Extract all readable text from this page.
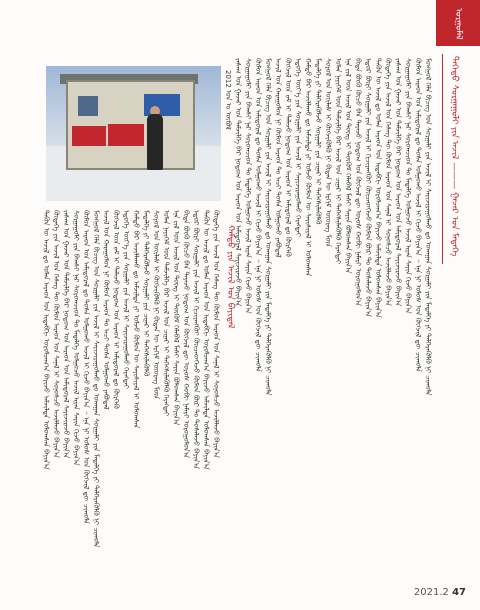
ᠤᠷᠭᠤᠮᠠᠯ
ᠳᠡᠭᠡᠳᠦ ᠰᠤᠷᠭᠠᠭᠤᠯᠢ ᠶᠢᠨ ᠠᠵᠢᠯ ——— ᠭᠠᠵᠠᠷ ᠤᠨ ᠮᠡᠳᠡᠭᠡ
ᠮᠣᠩᠭᠣᠯ ᠬᠡᠯᠡ ᠪᠢᠴᠢᠭ ᠤᠨ ᠰᠤᠷᠭᠠᠯᠢ ᠶᠢᠨ ᠠᠵᠢᠯ ᠢ ᠰᠠᠶᠢᠵᠢᠷᠠᠭᠤᠯᠬᠤ ᠳᠤ ᠤᠬᠠᠭᠠᠨ ᠰᠤᠷᠭᠠᠯᠢ ᠶᠢᠨ ᠮᠡᠳᠡᠯᠭᠡ ᠶᠢ ᠳᠡᠯᠭᠡᠷᠡᠭᠦᠯᠬᠦ ᠨᠢ ᠴᠢᠬᠤᠯᠠ
ᠬᠦᠮᠦᠨ ᠠᠷᠠᠳ ᠤᠨ ᠠᠮᠢᠳᠤᠷᠠᠯ ᠳᠤ ᠲᠤᠰᠠ ᠣᠯᠭᠤᠬᠤ ᠠᠵᠢᠯ ᠢ ᠬᠢᠵᠦ ᠪᠠᠶᠢᠨ᠎ᠠ ᠃ ᠡᠨᠡ ᠨᠢ ᠤᠯᠤᠰ ᠤᠨ ᠬᠦᠭᠵᠢᠯ ᠳᠦ ᠴᠢᠬᠤᠯᠠ
ᠰᠤᠷᠭᠠᠭᠤᠯᠢ ᠶᠢᠨ ᠪᠠᠭᠰᠢ ᠨᠠᠷ ᠰᠤᠷᠤᠭᠴᠢᠳ ᠲᠤ ᠮᠡᠳᠡᠯᠭᠡ ᠣᠯᠭᠤᠵᠤ ᠠᠵᠢᠯ ᠢᠶᠠᠨ ᠰᠠᠶᠢᠨ ᠬᠢᠵᠦ ᠪᠠᠶᠢᠨ᠎ᠠ
ᠵᠠᠰᠠᠭ ᠤᠨ ᠭᠠᠵᠠᠷ ᠤᠨ ᠳᠡᠮᠵᠢᠯᠭᠡ ᠪᠡᠷ ᠨᠤᠲᠤᠭ ᠤᠨ ᠠᠷᠠᠳ ᠤᠨ ᠠᠮᠢᠳᠤᠷᠠᠯ ᠰᠠᠶᠢᠵᠢᠷᠠᠵᠤ ᠪᠠᠶᠢᠨ᠎ᠠ
ᠬᠦᠳᠡᠭᠡ ᠶᠢᠨ ᠠᠵᠢᠯ ᠤᠨ ᠬᠡᠰᠡᠭ ᠲᠦ ᠬᠦᠮᠦᠨ ᠠᠷᠠᠳ ᠤᠨ ᠰᠠᠨᠠᠯ ᠢ ᠰᠣᠨᠣᠰᠴᠤ ᠠᠵᠢᠯᠯᠠᠵᠤ ᠪᠠᠶᠢᠨ᠎ᠠ
ᠲᠡᠭᠦᠨ ᠦ ᠠᠵᠢᠯ ᠳᠤ ᠣᠯᠠᠨ ᠠᠷᠠᠳ ᠤᠨ ᠢᠳᠡᠪᠬᠢ ᠣᠷᠤᠯᠴᠠᠭ᠎ᠠ ᠪᠠᠶᠢᠵᠤ ᠠᠮᠵᠢᠯᠲᠠ ᠣᠯᠤᠭᠰᠠᠨ ᠪᠠᠶᠢᠨ᠎ᠠ
ᠡᠳᠦᠷ ᠪᠦᠷᠢ ᠰᠤᠷᠭᠠᠯᠢ ᠶᠢᠨ ᠠᠵᠢᠯ ᠢ ᠬᠢᠴᠢᠶᠡᠩᠭᠦᠢ ᠭᠦᠢᠴᠡᠳᠭᠡᠵᠦ ᠬᠦᠮᠦᠨ ᠪᠦᠷ ᠲᠤ ᠲᠤᠰᠠᠯᠠᠵᠤ ᠪᠠᠶᠢᠨ᠎ᠠ
ᠪᠢᠳᠡ ᠪᠦᠬᠦ ᠬᠦᠴᠦ ᠪᠡᠨ ᠳᠠᠶᠠᠵᠤ ᠨᠤᠲᠤᠭ ᠤᠨ ᠬᠦᠭᠵᠢᠯ ᠳᠦ ᠤᠷᠤᠰ ᠬᠤᠪᠢ ᠨᠡᠮᠡᠷᠢ ᠣᠷᠤᠭᠤᠯᠤᠨ᠎ᠠ
ᠡᠨᠡ ᠵᠢᠯ ᠦᠨ ᠠᠵᠢᠯ ᠤᠨ ᠳᠦᠩ ᠢ ᠳᠦᠭᠦᠮ ᠬᠡᠯᠡᠪᠡᠯ ᠮᠠᠰᠢ ᠰᠠᠶᠢᠨ ᠪᠣᠯᠤᠭᠰᠠᠨ ᠪᠠᠶᠢᠨ᠎ᠠ
ᠣᠯᠠᠨ ᠨᠡᠶᠢᠭᠡᠮ ᠦᠨ ᠳᠡᠮᠵᠢᠯᠭᠡ ᠪᠡᠷ ᠠᠵᠢᠯ ᠤᠨ ᠴᠢᠨᠠᠷ ᠢ ᠳᠡᠭᠡᠭᠰᠢᠯᠡᠭᠦᠯᠬᠦ ᠬᠡᠷᠡᠭᠲᠡᠢ
ᠰᠣᠶᠣᠯ ᠤᠨ ᠦᠢᠯᠡᠰ ᠢ ᠬᠥᠭᠵᠢᠭᠦᠯᠬᠦ ᠨᠢ ᠪᠢᠳᠡᠨ ᠦ ᠡᠷᠬᠢᠮ ᠦᠦᠷᠡᠭ ᠮᠥᠨ
ᠮᠡᠳᠡᠯᠭᠡ ᠶᠢ ᠳᠡᠯᠭᠡᠷᠡᠭᠦᠯᠵᠦ ᠰᠤᠷᠭᠠᠯᠢ ᠶᠢᠨ ᠴᠢᠨᠠᠷ ᠢ ᠳᠡᠭᠡᠭᠰᠢᠯᠡᠭᠦᠯᠬᠦ
ᠬᠠᠮᠲᠤ ᠪᠡᠷ ᠠᠵᠢᠯᠯᠠᠬᠤ ᠳᠤ ᠠᠮᠵᠢᠯᠲᠠ ᠶᠢ ᠣᠯᠵᠤ ᠬᠦᠮᠦᠨ ᠦ ᠰᠠᠶᠢᠰᠢᠶᠠᠯ ᠢ ᠣᠯᠤᠭᠰᠠᠨ
ᠡᠳᠦᠭᠡ ᠦᠶ᠎ᠡ ᠶᠢᠨ ᠰᠤᠷᠭᠠᠯᠢ ᠶᠢᠨ ᠠᠵᠢᠯ ᠢ ᠰᠠᠶᠢᠵᠢᠷᠠᠭᠤᠯᠬᠤ ᠬᠡᠷᠡᠭᠲᠡᠢ
ᠬᠥᠭᠵᠢᠯ ᠦᠨ ᠵᠠᠮ ᠢ ᠲᠡᠯᠡᠵᠦ ᠨᠤᠲᠤᠭ ᠤᠨ ᠠᠷᠠᠳ ᠢ ᠠᠮᠢᠳᠤᠷᠠᠯ ᠳᠤ ᠬᠦᠷᠭᠡᠬᠦ
ᠠᠵᠢᠯ ᠤᠨ ᠬᠠᠷᠠᠭᠤᠯᠤᠨ ᠨᠢ ᠬᠦᠮᠦᠨ ᠠᠷᠠᠳ ᠲᠤ ᠠᠴᠢ ᠲᠤᠰᠠ ᠣᠯᠭᠤᠬᠤ ᠶᠠᠪᠤᠳᠠᠯ
ᠮᠣᠩᠭᠣᠯ ᠬᠡᠯᠡ ᠪᠢᠴᠢᠭ ᠤᠨ ᠰᠤᠷᠭᠠᠯᠢ ᠶᠢᠨ ᠠᠵᠢᠯ ᠢ ᠰᠠᠶᠢᠵᠢᠷᠠᠭᠤᠯᠬᠤ ᠳᠤ ᠤᠬᠠᠭᠠᠨ ᠰᠤᠷᠭᠠᠯᠢ ᠶᠢᠨ ᠮᠡᠳᠡᠯᠭᠡ ᠶᠢ ᠳᠡᠯᠭᠡᠷᠡᠭᠦᠯᠬᠦ ᠨᠢ ᠴᠢᠬᠤᠯᠠ
ᠬᠦᠮᠦᠨ ᠠᠷᠠᠳ ᠤᠨ ᠠᠮᠢᠳᠤᠷᠠᠯ ᠳᠤ ᠲᠤᠰᠠ ᠣᠯᠭᠤᠬᠤ ᠠᠵᠢᠯ ᠢ ᠬᠢᠵᠦ ᠪᠠᠶᠢᠨ᠎ᠠ ᠃ ᠡᠨᠡ ᠨᠢ ᠤᠯᠤᠰ ᠤᠨ ᠬᠦᠭᠵᠢᠯ ᠳᠦ ᠴᠢᠬᠤᠯᠠ
ᠰᠤᠷᠭᠠᠭᠤᠯᠢ ᠶᠢᠨ ᠪᠠᠭᠰᠢ ᠨᠠᠷ ᠰᠤᠷᠤᠭᠴᠢᠳ ᠲᠤ ᠮᠡᠳᠡᠯᠭᠡ ᠣᠯᠭᠤᠵᠤ ᠠᠵᠢᠯ ᠢᠶᠠᠨ ᠰᠠᠶᠢᠨ ᠬᠢᠵᠦ ᠪᠠᠶᠢᠨ᠎ᠠ
ᠵᠠᠰᠠᠭ ᠤᠨ ᠭᠠᠵᠠᠷ ᠤᠨ ᠳᠡᠮᠵᠢᠯᠭᠡ ᠪᠡᠷ ᠨᠤᠲᠤᠭ ᠤᠨ ᠠᠷᠠᠳ ᠤᠨ ᠠᠮᠢᠳᠤᠷᠠᠯ ᠰᠠᠶᠢᠵᠢᠷᠠᠵᠤ ᠪᠠᠶᠢᠨ᠎ᠠ
ᠬᠠᠮᠲᠤ ᠶᠢᠨ ᠠᠵᠢᠯ ᠤᠨ ᠪᠠᠶᠢᠳᠠᠯ
ᠬᠦᠳᠡᠭᠡ ᠶᠢᠨ ᠠᠵᠢᠯ ᠤᠨ ᠬᠡᠰᠡᠭ ᠲᠦ ᠬᠦᠮᠦᠨ ᠠᠷᠠᠳ ᠤᠨ ᠰᠠᠨᠠᠯ ᠢ ᠰᠣᠨᠣᠰᠴᠤ ᠠᠵᠢᠯᠯᠠᠵᠤ ᠪᠠᠶᠢᠨ᠎ᠠ
ᠲᠡᠭᠦᠨ ᠦ ᠠᠵᠢᠯ ᠳᠤ ᠣᠯᠠᠨ ᠠᠷᠠᠳ ᠤᠨ ᠢᠳᠡᠪᠬᠢ ᠣᠷᠤᠯᠴᠠᠭ᠎ᠠ ᠪᠠᠶᠢᠵᠤ ᠠᠮᠵᠢᠯᠲᠠ ᠣᠯᠤᠭᠰᠠᠨ ᠪᠠᠶᠢᠨ᠎ᠠ
ᠡᠳᠦᠷ ᠪᠦᠷᠢ ᠰᠤᠷᠭᠠᠯᠢ ᠶᠢᠨ ᠠᠵᠢᠯ ᠢ ᠬᠢᠴᠢᠶᠡᠩᠭᠦᠢ ᠭᠦᠢᠴᠡᠳᠭᠡᠵᠦ ᠬᠦᠮᠦᠨ ᠪᠦᠷ ᠲᠤ ᠲᠤᠰᠠᠯᠠᠵᠤ ᠪᠠᠶᠢᠨ᠎ᠠ
ᠪᠢᠳᠡ ᠪᠦᠬᠦ ᠬᠦᠴᠦ ᠪᠡᠨ ᠳᠠᠶᠠᠵᠤ ᠨᠤᠲᠤᠭ ᠤᠨ ᠬᠦᠭᠵᠢᠯ ᠳᠦ ᠤᠷᠤᠰ ᠬᠤᠪᠢ ᠨᠡᠮᠡᠷᠢ ᠣᠷᠤᠭᠤᠯᠤᠨ᠎ᠠ
ᠡᠨᠡ ᠵᠢᠯ ᠦᠨ ᠠᠵᠢᠯ ᠤᠨ ᠳᠦᠩ ᠢ ᠳᠦᠭᠦᠮ ᠬᠡᠯᠡᠪᠡᠯ ᠮᠠᠰᠢ ᠰᠠᠶᠢᠨ ᠪᠣᠯᠤᠭᠰᠠᠨ ᠪᠠᠶᠢᠨ᠎ᠠ
ᠣᠯᠠᠨ ᠨᠡᠶᠢᠭᠡᠮ ᠦᠨ ᠳᠡᠮᠵᠢᠯᠭᠡ ᠪᠡᠷ ᠠᠵᠢᠯ ᠤᠨ ᠴᠢᠨᠠᠷ ᠢ ᠳᠡᠭᠡᠭᠰᠢᠯᠡᠭᠦᠯᠬᠦ ᠬᠡᠷᠡᠭᠲᠡᠢ
ᠰᠣᠶᠣᠯ ᠤᠨ ᠦᠢᠯᠡᠰ ᠢ ᠬᠥᠭᠵᠢᠭᠦᠯᠬᠦ ᠨᠢ ᠪᠢᠳᠡᠨ ᠦ ᠡᠷᠬᠢᠮ ᠦᠦᠷᠡᠭ ᠮᠥᠨ
ᠮᠡᠳᠡᠯᠭᠡ ᠶᠢ ᠳᠡᠯᠭᠡᠷᠡᠭᠦᠯᠵᠦ ᠰᠤᠷᠭᠠᠯᠢ ᠶᠢᠨ ᠴᠢᠨᠠᠷ ᠢ ᠳᠡᠭᠡᠭᠰᠢᠯᠡᠭᠦᠯᠬᠦ
ᠬᠠᠮᠲᠤ ᠪᠡᠷ ᠠᠵᠢᠯᠯᠠᠬᠤ ᠳᠤ ᠠᠮᠵᠢᠯᠲᠠ ᠶᠢ ᠣᠯᠵᠤ ᠬᠦᠮᠦᠨ ᠦ ᠰᠠᠶᠢᠰᠢᠶᠠᠯ ᠢ ᠣᠯᠤᠭᠰᠠᠨ
ᠡᠳᠦᠭᠡ ᠦᠶ᠎ᠡ ᠶᠢᠨ ᠰᠤᠷᠭᠠᠯᠢ ᠶᠢᠨ ᠠᠵᠢᠯ ᠢ ᠰᠠᠶᠢᠵᠢᠷᠠᠭᠤᠯᠬᠤ ᠬᠡᠷᠡᠭᠲᠡᠢ
ᠬᠥᠭᠵᠢᠯ ᠦᠨ ᠵᠠᠮ ᠢ ᠲᠡᠯᠡᠵᠦ ᠨᠤᠲᠤᠭ ᠤᠨ ᠠᠷᠠᠳ ᠢ ᠠᠮᠢᠳᠤᠷᠠᠯ ᠳᠤ ᠬᠦᠷᠭᠡᠬᠦ
ᠠᠵᠢᠯ ᠤᠨ ᠬᠠᠷᠠᠭᠤᠯᠤᠨ ᠨᠢ ᠬᠦᠮᠦᠨ ᠠᠷᠠᠳ ᠲᠤ ᠠᠴᠢ ᠲᠤᠰᠠ ᠣᠯᠭᠤᠬᠤ ᠶᠠᠪᠤᠳᠠᠯ
ᠮᠣᠩᠭᠣᠯ ᠬᠡᠯᠡ ᠪᠢᠴᠢᠭ ᠤᠨ ᠰᠤᠷᠭᠠᠯᠢ ᠶᠢᠨ ᠠᠵᠢᠯ ᠢ ᠰᠠᠶᠢᠵᠢᠷᠠᠭᠤᠯᠬᠤ ᠳᠤ ᠤᠬᠠᠭᠠᠨ ᠰᠤᠷᠭᠠᠯᠢ ᠶᠢᠨ ᠮᠡᠳᠡᠯᠭᠡ ᠶᠢ ᠳᠡᠯᠭᠡᠷᠡᠭᠦᠯᠬᠦ ᠨᠢ ᠴᠢᠬᠤᠯᠠ
ᠬᠦᠮᠦᠨ ᠠᠷᠠᠳ ᠤᠨ ᠠᠮᠢᠳᠤᠷᠠᠯ ᠳᠤ ᠲᠤᠰᠠ ᠣᠯᠭᠤᠬᠤ ᠠᠵᠢᠯ ᠢ ᠬᠢᠵᠦ ᠪᠠᠶᠢᠨ᠎ᠠ ᠃ ᠡᠨᠡ ᠨᠢ ᠤᠯᠤᠰ ᠤᠨ ᠬᠦᠭᠵᠢᠯ ᠳᠦ ᠴᠢᠬᠤᠯᠠ
ᠰᠤᠷᠭᠠᠭᠤᠯᠢ ᠶᠢᠨ ᠪᠠᠭᠰᠢ ᠨᠠᠷ ᠰᠤᠷᠤᠭᠴᠢᠳ ᠲᠤ ᠮᠡᠳᠡᠯᠭᠡ ᠣᠯᠭᠤᠵᠤ ᠠᠵᠢᠯ ᠢᠶᠠᠨ ᠰᠠᠶᠢᠨ ᠬᠢᠵᠦ ᠪᠠᠶᠢᠨ᠎ᠠ
ᠵᠠᠰᠠᠭ ᠤᠨ ᠭᠠᠵᠠᠷ ᠤᠨ ᠳᠡᠮᠵᠢᠯᠭᠡ ᠪᠡᠷ ᠨᠤᠲᠤᠭ ᠤᠨ ᠠᠷᠠᠳ ᠤᠨ ᠠᠮᠢᠳᠤᠷᠠᠯ ᠰᠠᠶᠢᠵᠢᠷᠠᠵᠤ ᠪᠠᠶᠢᠨ᠎ᠠ
ᠬᠦᠳᠡᠭᠡ ᠶᠢᠨ ᠠᠵᠢᠯ ᠤᠨ ᠬᠡᠰᠡᠭ ᠲᠦ ᠬᠦᠮᠦᠨ ᠠᠷᠠᠳ ᠤᠨ ᠰᠠᠨᠠᠯ ᠢ ᠰᠣᠨᠣᠰᠴᠤ ᠠᠵᠢᠯᠯᠠᠵᠤ ᠪᠠᠶᠢᠨ᠎ᠠ
ᠲᠡᠭᠦᠨ ᠦ ᠠᠵᠢᠯ ᠳᠤ ᠣᠯᠠᠨ ᠠᠷᠠᠳ ᠤᠨ ᠢᠳᠡᠪᠬᠢ ᠣᠷᠤᠯᠴᠠᠭ᠎ᠠ ᠪᠠᠶᠢᠵᠤ ᠠᠮᠵᠢᠯᠲᠠ ᠣᠯᠤᠭᠰᠠᠨ ᠪᠠᠶᠢᠨ᠎ᠠ
2012 ᠣᠨ ᠤ ᠦᠪᠦᠯ
2021.2 47
